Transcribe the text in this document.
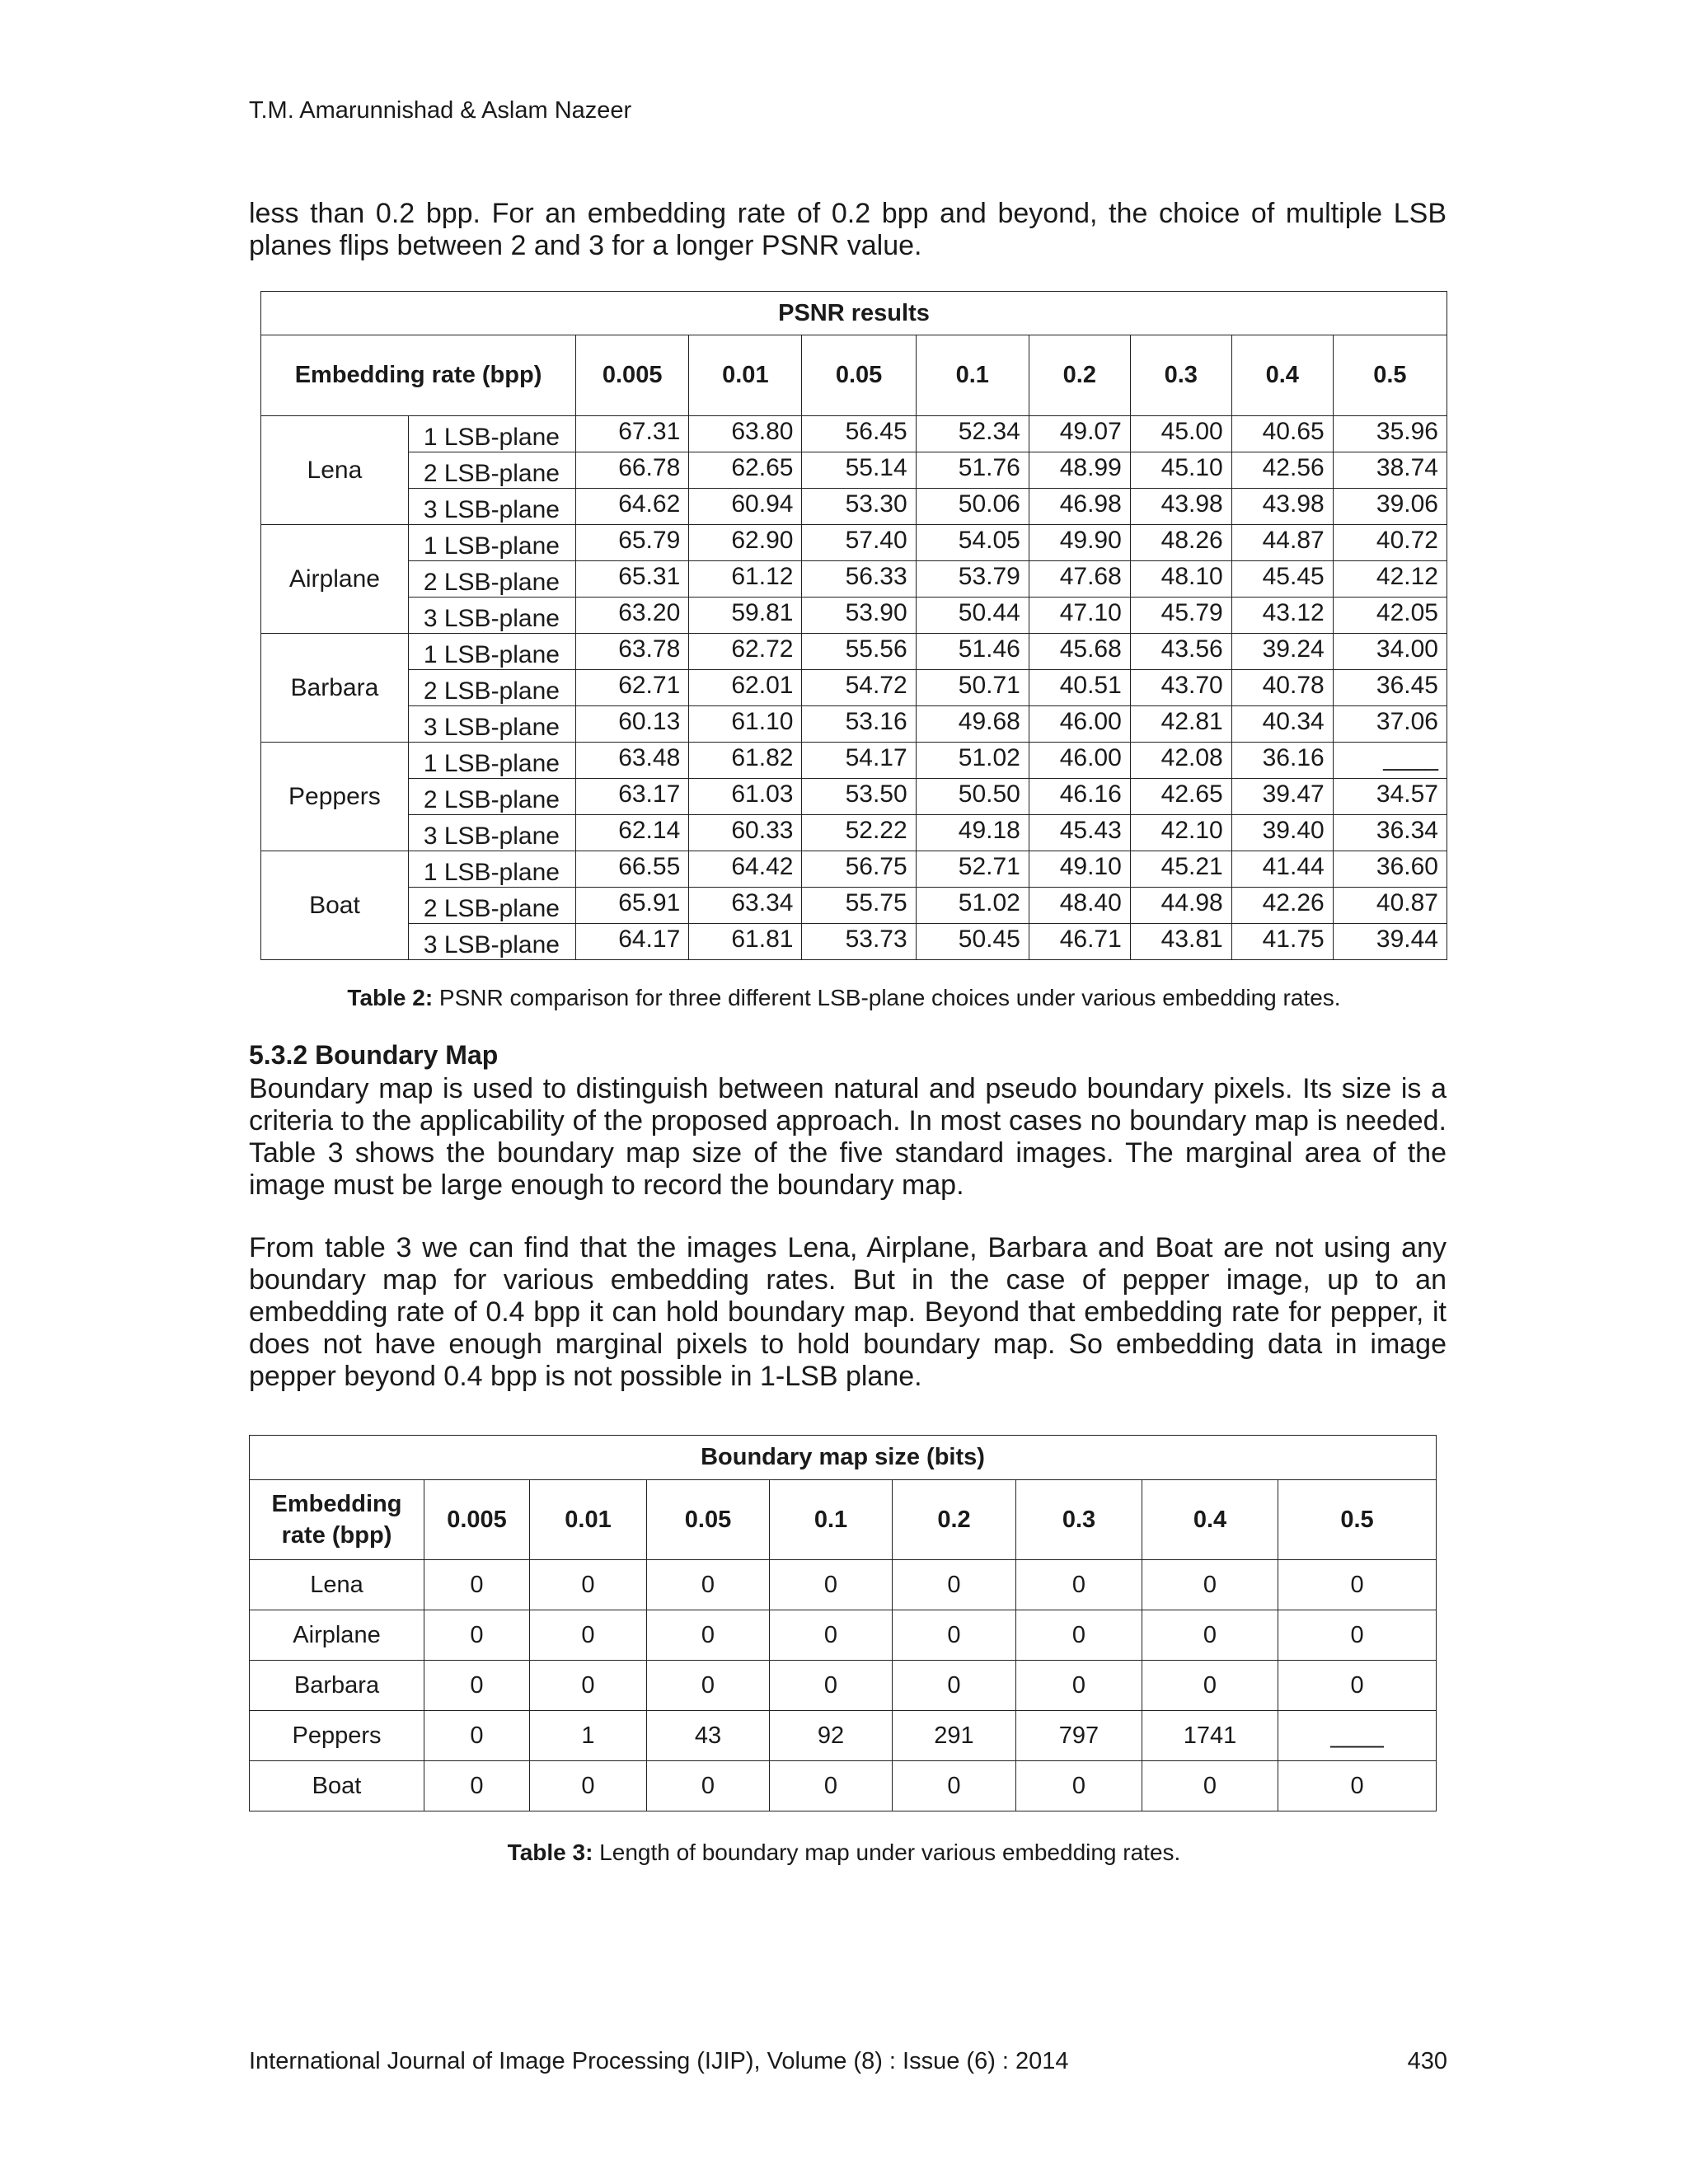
T.M. Amarunnishad & Aslam Nazeer
less than 0.2 bpp. For an embedding rate of 0.2 bpp and beyond, the choice of multiple LSB planes flips between 2 and 3 for a longer PSNR value.
PSNR results									
Embedding rate (bpp)		0.005	0.01	0.05	0.1	0.2	0.3	0.4	0.5
Lena	1 LSB-plane	67.31	63.80	56.45	52.34	49.07	45.00	40.65	35.96
	2 LSB-plane	66.78	62.65	55.14	51.76	48.99	45.10	42.56	38.74
	3 LSB-plane	64.62	60.94	53.30	50.06	46.98	43.98	43.98	39.06
Airplane	1 LSB-plane	65.79	62.90	57.40	54.05	49.90	48.26	44.87	40.72
	2 LSB-plane	65.31	61.12	56.33	53.79	47.68	48.10	45.45	42.12
	3 LSB-plane	63.20	59.81	53.90	50.44	47.10	45.79	43.12	42.05
Barbara	1 LSB-plane	63.78	62.72	55.56	51.46	45.68	43.56	39.24	34.00
	2 LSB-plane	62.71	62.01	54.72	50.71	40.51	43.70	40.78	36.45
	3 LSB-plane	60.13	61.10	53.16	49.68	46.00	42.81	40.34	37.06
Peppers	1 LSB-plane	63.48	61.82	54.17	51.02	46.00	42.08	36.16	____
	2 LSB-plane	63.17	61.03	53.50	50.50	46.16	42.65	39.47	34.57
	3 LSB-plane	62.14	60.33	52.22	49.18	45.43	42.10	39.40	36.34
Boat	1 LSB-plane	66.55	64.42	56.75	52.71	49.10	45.21	41.44	36.60
	2 LSB-plane	65.91	63.34	55.75	51.02	48.40	44.98	42.26	40.87
	3 LSB-plane	64.17	61.81	53.73	50.45	46.71	43.81	41.75	39.44
Table 2: PSNR comparison for three different LSB-plane choices under various embedding rates.
5.3.2 Boundary Map
Boundary map is used to distinguish between natural and pseudo boundary pixels. Its size is a criteria to the applicability of the proposed approach. In most cases no boundary map is needed. Table 3 shows the boundary map size of the five standard images. The marginal area of the image must be large enough to record the boundary map.
From table 3 we can find that the images Lena, Airplane, Barbara and Boat are not using any boundary map for various embedding rates. But in the case of pepper image, up to an embedding rate of 0.4 bpp it can hold boundary map. Beyond that embedding rate for pepper, it does not have enough marginal pixels to hold boundary map. So embedding data in image pepper beyond 0.4 bpp is not possible in 1-LSB plane.
Boundary map size (bits)								
Embedding
rate (bpp)	0.005	0.01	0.05	0.1	0.2	0.3	0.4	0.5
Lena	0	0	0	0	0	0	0	0
Airplane	0	0	0	0	0	0	0	0
Barbara	0	0	0	0	0	0	0	0
Peppers	0	1	43	92	291	797	1741	____
Boat	0	0	0	0	0	0	0	0
Table 3: Length of boundary map under various embedding rates.
International Journal of Image Processing (IJIP), Volume (8) : Issue (6) : 2014	430
